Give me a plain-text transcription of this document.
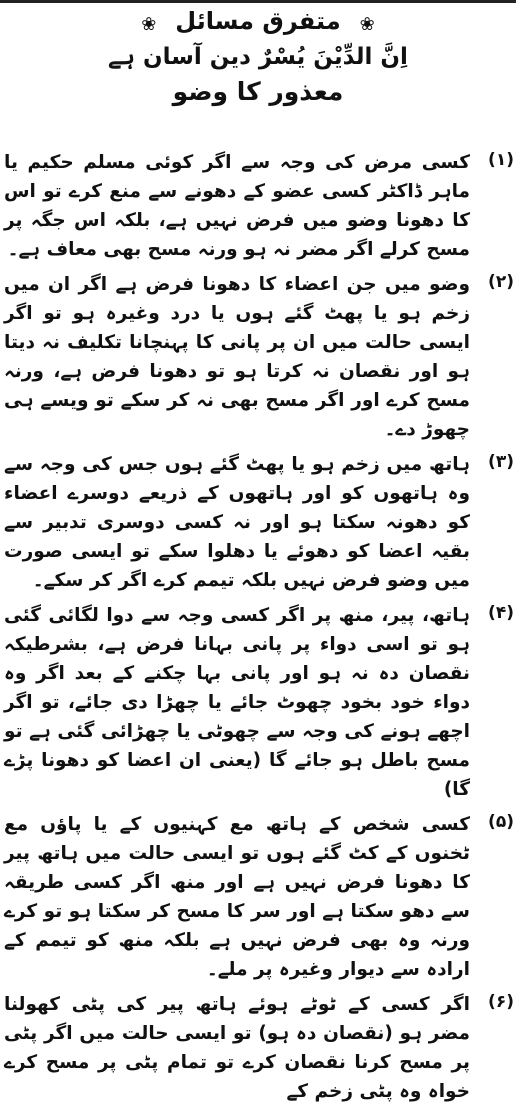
❀
متفرق مسائل
❀
اِنَّ الدِّیْنَ یُسْرٌ دین آسان ہے
معذور کا وضو
(۱)
کسی مرض کی وجہ سے اگر کوئی مسلم حکیم یا ماہر ڈاکٹر کسی عضو کے دھونے سے منع کرے تو اس کا دھونا وضو میں فرض نہیں ہے، بلکہ اس جگہ پر مسح کرلے اگر مضر نہ ہو ورنہ مسح بھی معاف ہے۔
(۲)
وضو میں جن اعضاء کا دھونا فرض ہے اگر ان میں زخم ہو یا پھٹ گئے ہوں یا درد وغیرہ ہو تو اگر ایسی حالت میں ان پر پانی کا پہنچانا تکلیف نہ دیتا ہو اور نقصان نہ کرتا ہو تو دھونا فرض ہے، ورنہ مسح کرے اور اگر مسح بھی نہ کر سکے تو ویسے ہی چھوڑ دے۔
(۳)
ہاتھ میں زخم ہو یا پھٹ گئے ہوں جس کی وجہ سے وہ ہاتھوں کو اور ہاتھوں کے ذریعے دوسرے اعضاء کو دھونہ سکتا ہو اور نہ کسی دوسری تدبیر سے بقیہ اعضا کو دھوئے یا دھلوا سکے تو ایسی صورت میں وضو فرض نہیں بلکہ تیمم کرے اگر کر سکے۔
(۴)
ہاتھ، پیر، منھ پر اگر کسی وجہ سے دوا لگائی گئی ہو تو اسی دواء پر پانی بہانا فرض ہے، بشرطیکہ نقصان دہ نہ ہو اور پانی بہا چکنے کے بعد اگر وہ دواء خود بخود چھوٹ جائے یا چھڑا دی جائے، تو اگر اچھے ہونے کی وجہ سے چھوٹی یا چھڑائی گئی ہے تو مسح باطل ہو جائے گا (یعنی ان اعضا کو دھونا پڑے گا)
(۵)
کسی شخص کے ہاتھ مع کہنیوں کے یا پاؤں مع ٹخنوں کے کٹ گئے ہوں تو ایسی حالت میں ہاتھ پیر کا دھونا فرض نہیں ہے اور منھ اگر کسی طریقہ سے دھو سکتا ہے اور سر کا مسح کر سکتا ہو تو کرے ورنہ وہ بھی فرض نہیں ہے بلکہ منھ کو تیمم کے ارادہ سے دیوار وغیرہ پر ملے۔
(۶)
اگر کسی کے ٹوٹے ہوئے ہاتھ پیر کی پٹی کھولنا مضر ہو (نقصان دہ ہو) تو ایسی حالت میں اگر پٹی پر مسح کرنا نقصان کرے تو تمام پٹی پر مسح کرے خواہ وہ پٹی زخم کے
